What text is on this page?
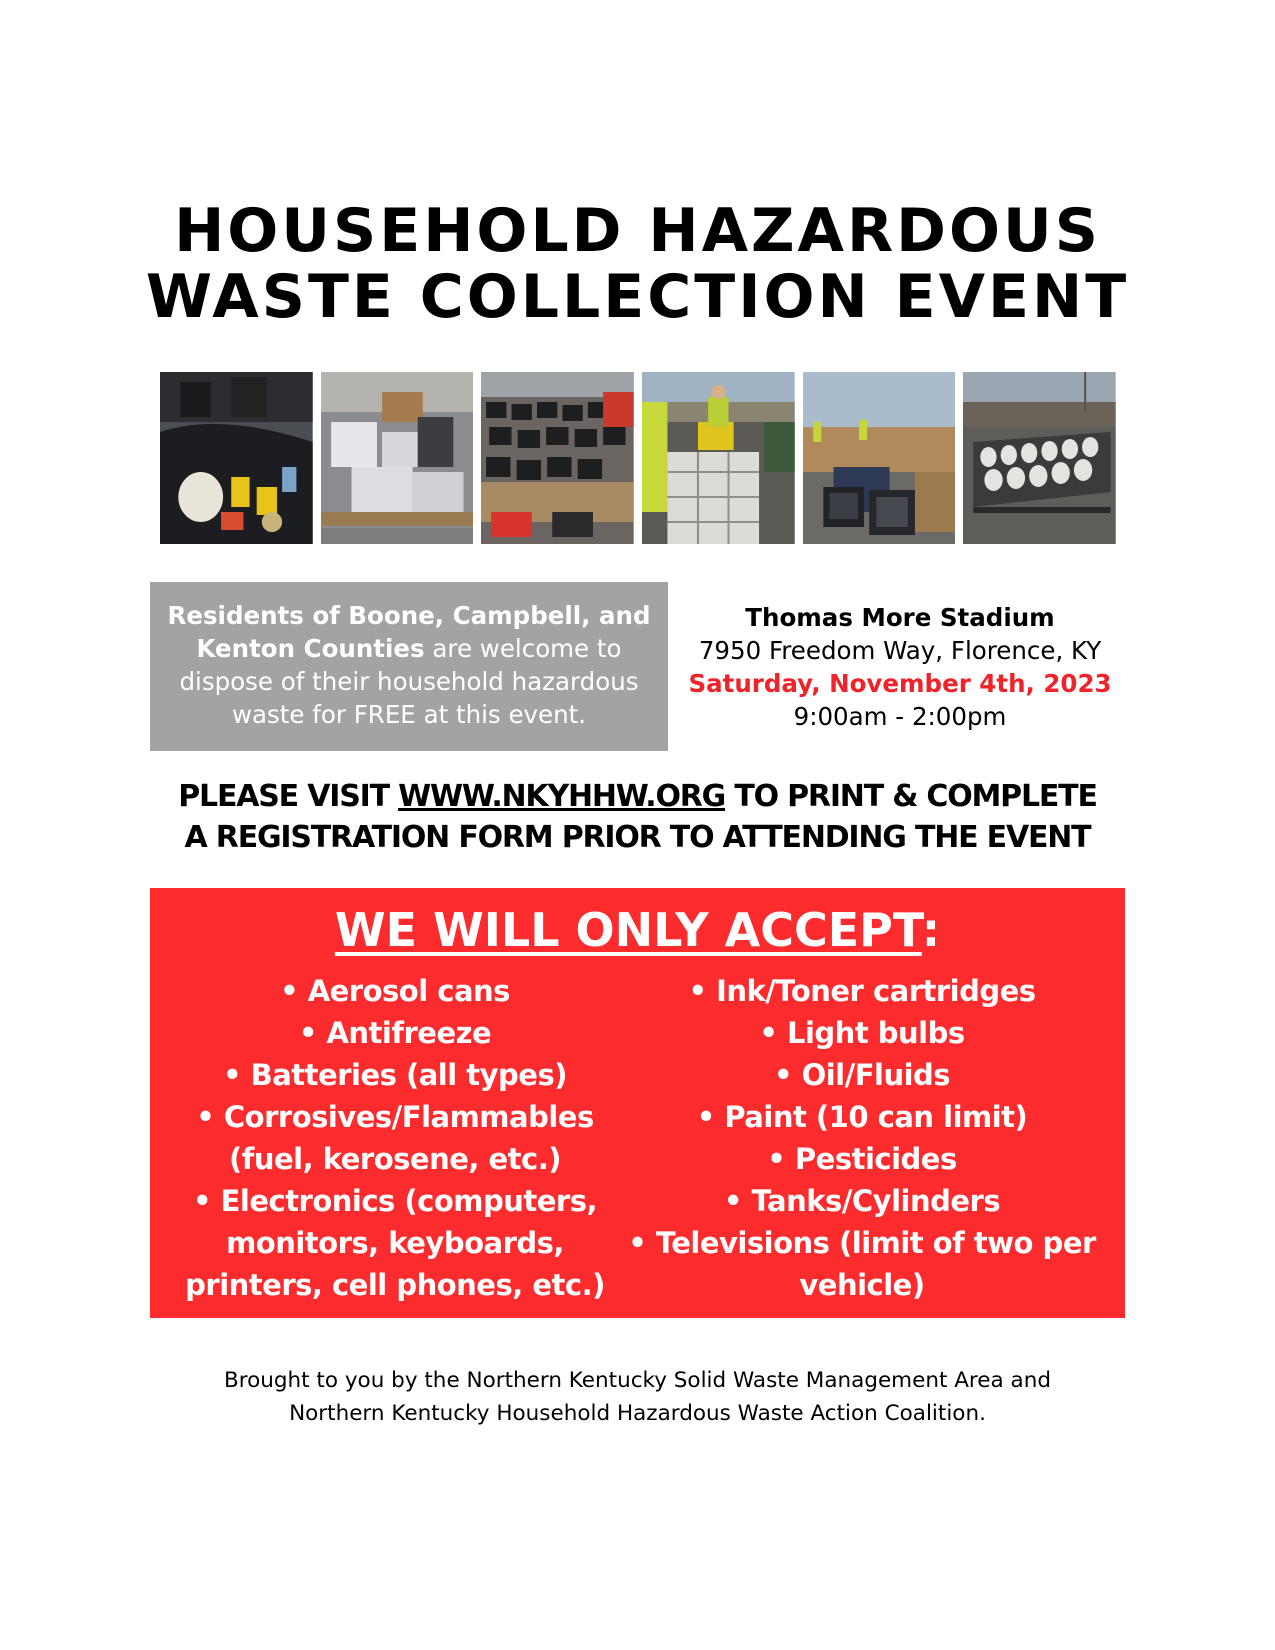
HOUSEHOLD HAZARDOUS
WASTE COLLECTION EVENT
Residents of Boone, Campbell, and Kenton Counties are welcome to dispose of their household hazardous waste for FREE at this event.
Thomas More Stadium
7950 Freedom Way, Florence, KY
Saturday, November 4th, 2023
9:00am - 2:00pm
PLEASE VISIT WWW.NKYHHW.ORG TO PRINT & COMPLETE
A REGISTRATION FORM PRIOR TO ATTENDING THE EVENT
WE WILL ONLY ACCEPT:
• Aerosol cans
• Antifreeze
• Batteries (all types)
• Corrosives/Flammables
(fuel, kerosene, etc.)
• Electronics (computers,
monitors, keyboards,
printers, cell phones, etc.)
• Ink/Toner cartridges
• Light bulbs
• Oil/Fluids
• Paint (10 can limit)
• Pesticides
• Tanks/Cylinders
• Televisions (limit of two per
vehicle)
Brought to you by the Northern Kentucky Solid Waste Management Area and
Northern Kentucky Household Hazardous Waste Action Coalition.
